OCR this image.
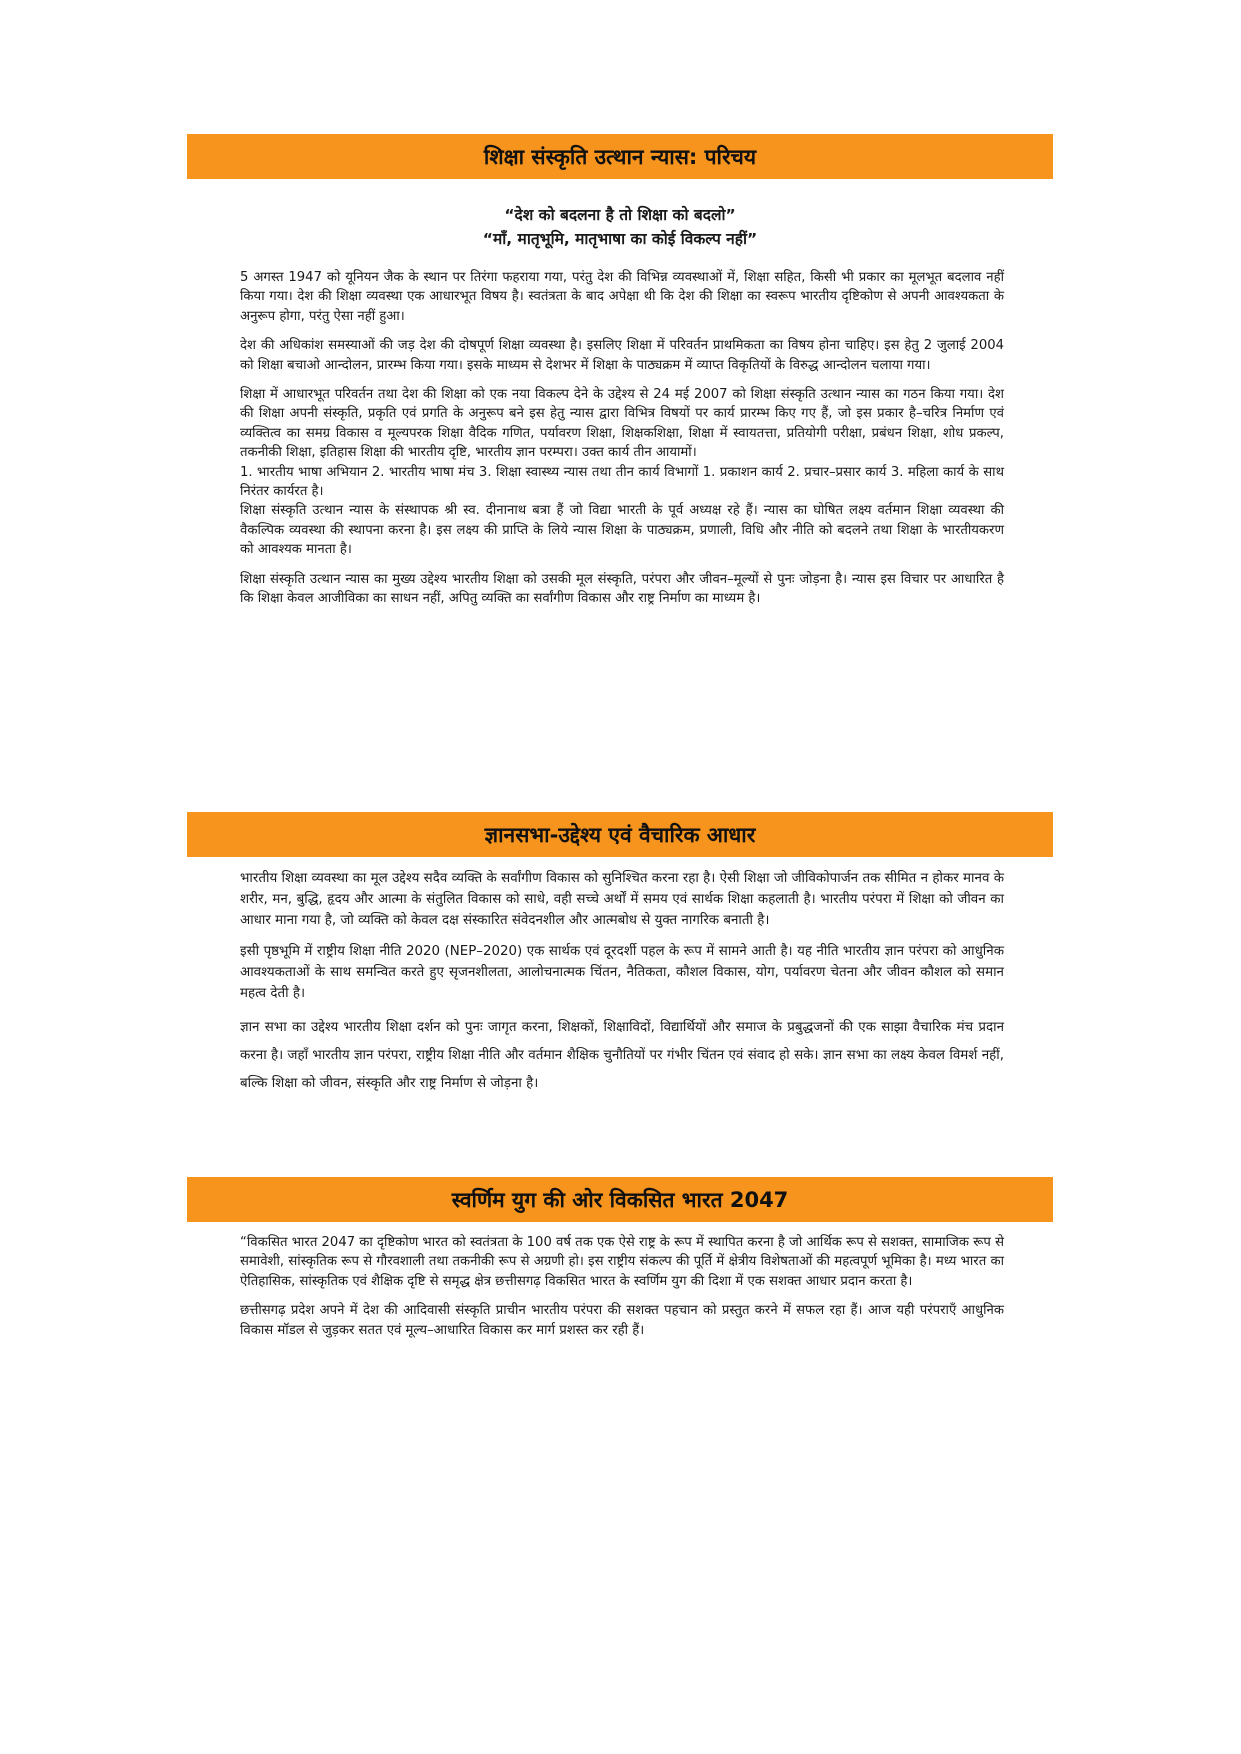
शिक्षा संस्कृति उत्थान न्यास: परिचय
“देश को बदलना है तो शिक्षा को बदलो”
“माँ, मातृभूमि, मातृभाषा का कोई विकल्प नहीं”

5 अगस्त 1947 को यूनियन जैक के स्थान पर तिरंगा फहराया गया, परंतु देश की विभिन्न व्यवस्थाओं में, शिक्षा सहित, किसी भी प्रकार का मूलभूत बदलाव नहीं किया गया। देश की शिक्षा व्यवस्था एक आधारभूत विषय है। स्वतंत्रता के बाद अपेक्षा थी कि देश की शिक्षा का स्वरूप भारतीय दृष्टिकोण से अपनी आवश्यकता के अनुरूप होगा, परंतु ऐसा नहीं हुआ।

देश की अधिकांश समस्याओं की जड़ देश की दोषपूर्ण शिक्षा व्यवस्था है। इसलिए शिक्षा में परिवर्तन प्राथमिकता का विषय होना चाहिए। इस हेतु 2 जुलाई 2004 को शिक्षा बचाओ आन्दोलन, प्रारम्भ किया गया। इसके माध्यम से देशभर में शिक्षा के पाठ्यक्रम में व्याप्त विकृतियों के विरुद्ध आन्दोलन चलाया गया।

शिक्षा में आधारभूत परिवर्तन तथा देश की शिक्षा को एक नया विकल्प देने के उद्देश्य से 24 मई 2007 को शिक्षा संस्कृति उत्थान न्यास का गठन किया गया। देश की शिक्षा अपनी संस्कृति, प्रकृति एवं प्रगति के अनुरूप बने इस हेतु न्यास द्वारा विभित्र विषयों पर कार्य प्रारम्भ किए गए हैं, जो इस प्रकार है–चरित्र निर्माण एवं व्यक्तित्व का समग्र विकास व मूल्यपरक शिक्षा वैदिक गणित, पर्यावरण शिक्षा, शिक्षकशिक्षा, शिक्षा में स्वायतत्ता, प्रतियोगी परीक्षा, प्रबंधन शिक्षा, शोध प्रकल्प, तकनीकी शिक्षा, इतिहास शिक्षा की भारतीय दृष्टि, भारतीय ज्ञान परम्परा। उक्त कार्य तीन आयामों।

1. भारतीय भाषा अभियान 2. भारतीय भाषा मंच 3. शिक्षा स्वास्थ्य न्यास तथा तीन कार्य विभागों 1. प्रकाशन कार्य 2. प्रचार–प्रसार कार्य 3. महिला कार्य के साथ निरंतर कार्यरत है।

शिक्षा संस्कृति उत्थान न्यास के संस्थापक श्री स्व. दीनानाथ बत्रा हैं जो विद्या भारती के पूर्व अध्यक्ष रहे हैं। न्यास का घोषित लक्ष्य वर्तमान शिक्षा व्यवस्था की वैकल्पिक व्यवस्था की स्थापना करना है। इस लक्ष्य की प्राप्ति के लिये न्यास शिक्षा के पाठ्यक्रम, प्रणाली, विधि और नीति को बदलने तथा शिक्षा के भारतीयकरण को आवश्यक मानता है।

शिक्षा संस्कृति उत्थान न्यास का मुख्य उद्देश्य भारतीय शिक्षा को उसकी मूल संस्कृति, परंपरा और जीवन–मूल्यों से पुनः जोड़ना है। न्यास इस विचार पर आधारित है कि शिक्षा केवल आजीविका का साधन नहीं, अपितु व्यक्ति का सर्वांगीण विकास और राष्ट्र निर्माण का माध्यम है।

ज्ञानसभा-उद्देश्य एवं वैचारिक आधार

भारतीय शिक्षा व्यवस्था का मूल उद्देश्य सदैव व्यक्ति के सर्वांगीण विकास को सुनिश्चित करना रहा है। ऐसी शिक्षा जो जीविकोपार्जन तक सीमित न होकर मानव के शरीर, मन, बुद्धि, हृदय और आत्मा के संतुलित विकास को साधे, वही सच्चे अर्थों में समय एवं सार्थक शिक्षा कहलाती है। भारतीय परंपरा में शिक्षा को जीवन का आधार माना गया है, जो व्यक्ति को केवल दक्ष संस्कारित संवेदनशील और आत्मबोध से युक्त नागरिक बनाती है।

इसी पृष्ठभूमि में राष्ट्रीय शिक्षा नीति 2020 (NEP–2020) एक सार्थक एवं दूरदर्शी पहल के रूप में सामने आती है। यह नीति भारतीय ज्ञान परंपरा को आधुनिक आवश्यकताओं के साथ समन्वित करते हुए सृजनशीलता, आलोचनात्मक चिंतन, नैतिकता, कौशल विकास, योग, पर्यावरण चेतना और जीवन कौशल को समान महत्व देती है।

ज्ञान सभा का उद्देश्य भारतीय शिक्षा दर्शन को पुनः जागृत करना, शिक्षकों, शिक्षाविदों, विद्यार्थियों और समाज के प्रबुद्धजनों की एक साझा वैचारिक मंच प्रदान करना है। जहाँ भारतीय ज्ञान परंपरा, राष्ट्रीय शिक्षा नीति और वर्तमान शैक्षिक चुनौतियों पर गंभीर चिंतन एवं संवाद हो सके। ज्ञान सभा का लक्ष्य केवल विमर्श नहीं, बल्कि शिक्षा को जीवन, संस्कृति और राष्ट्र निर्माण से जोड़ना है।

स्वर्णिम युग की ओर विकसित भारत 2047

“विकसित भारत 2047 का दृष्टिकोण भारत को स्वतंत्रता के 100 वर्ष तक एक ऐसे राष्ट्र के रूप में स्थापित करना है जो आर्थिक रूप से सशक्त, सामाजिक रूप से समावेशी, सांस्कृतिक रूप से गौरवशाली तथा तकनीकी रूप से अग्रणी हो। इस राष्ट्रीय संकल्प की पूर्ति में क्षेत्रीय विशेषताओं की महत्वपूर्ण भूमिका है। मध्य भारत का ऐतिहासिक, सांस्कृतिक एवं शैक्षिक दृष्टि से समृद्ध क्षेत्र छत्तीसगढ़ विकसित भारत के स्वर्णिम युग की दिशा में एक सशक्त आधार प्रदान करता है।

छत्तीसगढ़ प्रदेश अपने में देश की आदिवासी संस्कृति प्राचीन भारतीय परंपरा की सशक्त पहचान को प्रस्तुत करने में सफल रहा हैं। आज यही परंपराएँ आधुनिक विकास मॉडल से जुड़कर सतत एवं मूल्य–आधारित विकास कर मार्ग प्रशस्त कर रही हैं।
